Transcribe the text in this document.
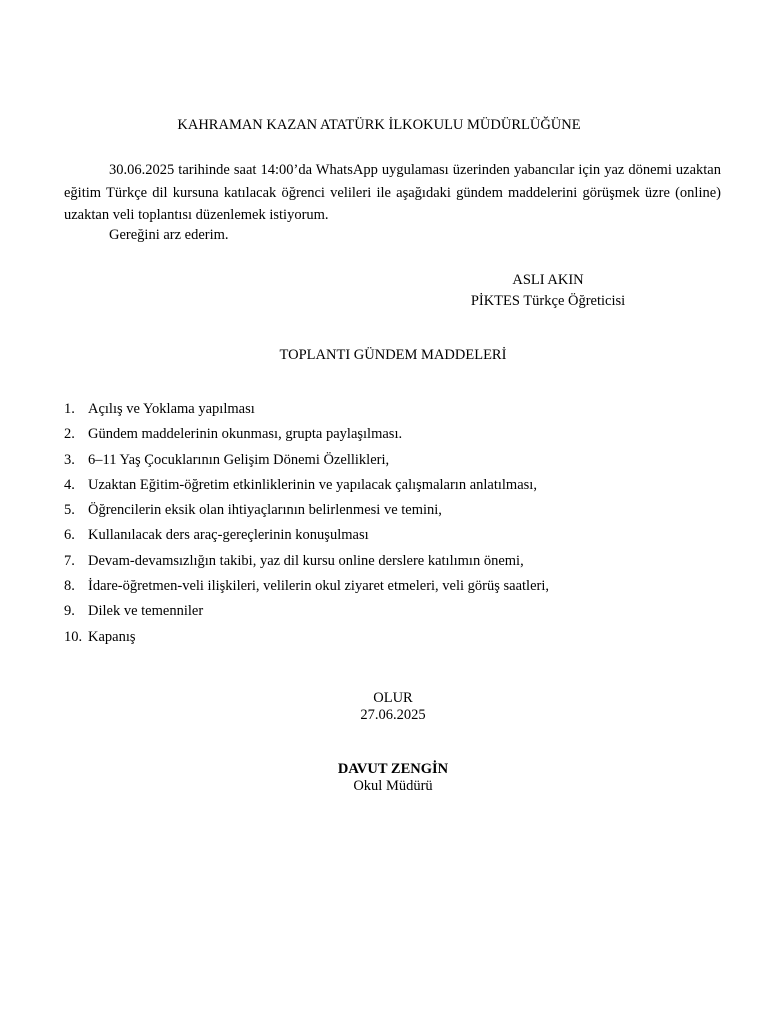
KAHRAMAN KAZAN ATATÜRK İLKOKULU MÜDÜRLÜĞÜNE
30.06.2025 tarihinde saat 14:00’da WhatsApp uygulaması üzerinden yabancılar için yaz dönemi uzaktan eğitim Türkçe dil kursuna katılacak öğrenci velileri ile aşağıdaki gündem maddelerini görüşmek üzre (online) uzaktan veli toplantısı düzenlemek istiyorum.
Gereğini arz ederim.
ASLI AKIN
PİKTES Türkçe Öğreticisi
TOPLANTI GÜNDEM MADDELERİ
1. Açılış ve Yoklama yapılması
2. Gündem maddelerinin okunması, grupta paylaşılması.
3. 6–11 Yaş Çocuklarının Gelişim Dönemi Özellikleri,
4. Uzaktan Eğitim-öğretim etkinliklerinin ve yapılacak çalışmaların anlatılması,
5. Öğrencilerin eksik olan ihtiyaçlarının belirlenmesi ve temini,
6. Kullanılacak ders araç-gereçlerinin konuşulması
7. Devam-devamsızlığın takibi, yaz dil kursu online derslere katılımın önemi,
8. İdare-öğretmen-veli ilişkileri, velilerin okul ziyaret etmeleri, veli görüş saatleri,
9. Dilek ve temenniler
10. Kapanış
OLUR
27.06.2025
DAVUT ZENGİN
Okul Müdürü
